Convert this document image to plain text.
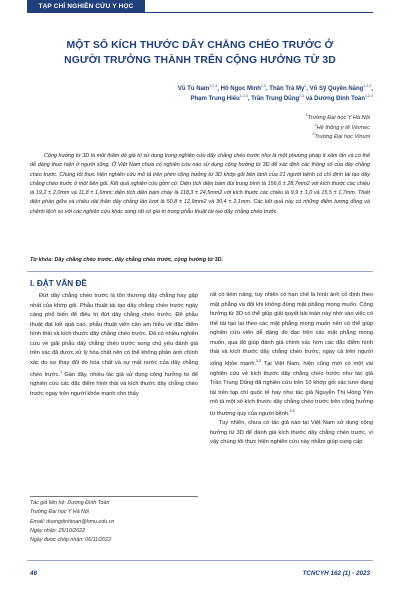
TẠP CHÍ NGHIÊN CỨU Y HỌC
MỘT SỐ KÍCH THƯỚC DÂY CHẰNG CHÉO TRƯỚC Ở
NGƯỜI TRƯỞNG THÀNH TRÊN CỘNG HƯỞNG TỪ 3D
Vũ Tú Nam$^{1,2,3}$, Hồ Ngọc Minh$^{2,3}$, Thân Trà My$^2$, Võ Sỹ Quyền Năng$^{1,2,3}$,
Phạm Trung Hiếu$^{1,2,3}$, Trần Trung Dũng$^{2,3}$ và Dương Đình Toàn$^{1,2,3}$
$^1$Trường Đại học Y Hà Nội
$^2$Hệ thống y tế Vinmec
$^3$Trường Đại học Vinuni
Cộng hưởng từ 3D là một thăm dò giá trị sử dụng trong nghiên cứu dây chằng chéo trước như là một phương pháp ít xâm lấn và có thể dễ dàng thực hiện ở người sống. Ở Việt Nam chưa có nghiên cứu nào sử dụng cộng hưởng từ 3D để xác định các thông số của dây chằng chéo trước. Chúng tôi thực hiện nghiên cứu mô tả trên phim cộng hưởng từ 3D khớp gối bên lành của 21 người bệnh có chỉ định tái tạo dây chằng chéo trước ở một bên gối. Kết quả nghiên cứu gồm có: Diện tích diện bám đùi trung bình là 156,6 ± 28,7mm2 với kích thước các chiều là 19,2 ± 2,0mm và 11,8 ± 1,6mm; diện tích diện bám chày là 118,3 ± 24,5mm2 với kích thước các chiều là 9,9 ± 1,0 và 15,5 ± 1,7mm. Thiết diện phần giữa và chiều dài thân dây chằng lần lượt là 50,8 ± 12,9mm2 và 30,4 ± 2,1mm. Các kết quả này có những điểm tương đồng và chênh lệch so với các nghiên cứu khác song rất có giá trị trong phẫu thuật tái tạo dây chằng chéo trước.
Từ khóa: Dây chằng chéo trước, dây chằng chéo trước, cộng hưởng từ 3D.
I. ĐẶT VẤN ĐỀ

Đứt dây chằng chéo trước là tổn thương dây chằng hay gặp nhất của khớp gối. Phẫu thuật tái tạo dây chằng chéo trước ngày càng phổ biến để điều trị đứt dây chằng chéo trước. Để phẫu thuật đạt kết quả cao, phẫu thuật viên cần am hiểu về đặc điểm hình thái và kích thước dây chằng chéo trước. Đã có nhiều nghiên cứu về giải phẫu dây chằng chéo trước song chủ yếu đánh giá trên xác đã được xử lý hóa chất nên có thể không phản ánh chính xác do sự thay đổi do hóa chất và sự mất nước của dây chằng chéo trước.$^1$ Gần đây, nhiều tác giả sử dụng cộng hưởng từ để nghiên cứu các đặc điểm hình thái và kích thước dây chằng chéo trước ngay trên người khỏe mạnh cho thấy

rất có tiềm năng, tuy nhiên có hạn chế là hình ảnh cố định theo mặt phẳng và đôi khi không đúng mặt phẳng mong muốn. Cộng hưởng từ 3D có thể giúp giải quyết bài toán này nhờ vào việc có thể tái tạo lại theo các mặt phẳng mong muốn nên có thể giúp nghiên cứu viên dễ dàng đo đạc trên các mặt phẳng mong muốn, qua đó giúp đánh giá chính xác hơn các đặc điểm hình thái và kích thước dây chằng chéo trước, ngay cả trên người sống khỏe mạnh.$^{2,3}$ Tại Việt Nam, hiện cũng mới có một vài nghiên cứu về kích thước dây chằng chéo trước như tác giả Trần Trung Dũng đã nghiên cứu trên 10 khớp gối xác tươi đang tái trên tạp chí quốc tế hay như tác giả Nguyễn Thị Hồng Yến mô tả một số kích thước dây chằng chéo trước trên cộng hưởng từ thường quy của người bệnh.$^{4,5}$

Tuy nhiên, chưa có tác giả nào tại Việt Nam sử dụng cộng hưởng từ 3D để đánh giá kích thước dây chằng chéo trước, vì vậy chúng tôi thực hiện nghiên cứu này nhằm giúp cung cấp

Tác giả liên hệ: Dương Đình Toàn
Trường Đại học Y Hà Nội
Email: duongdinhtoan@hmu.edu.vn
Ngày nhận: 25/10/2022
Ngày được chấp nhận: 06/11/2022
46	TCNCYH 162 (1) - 2023
